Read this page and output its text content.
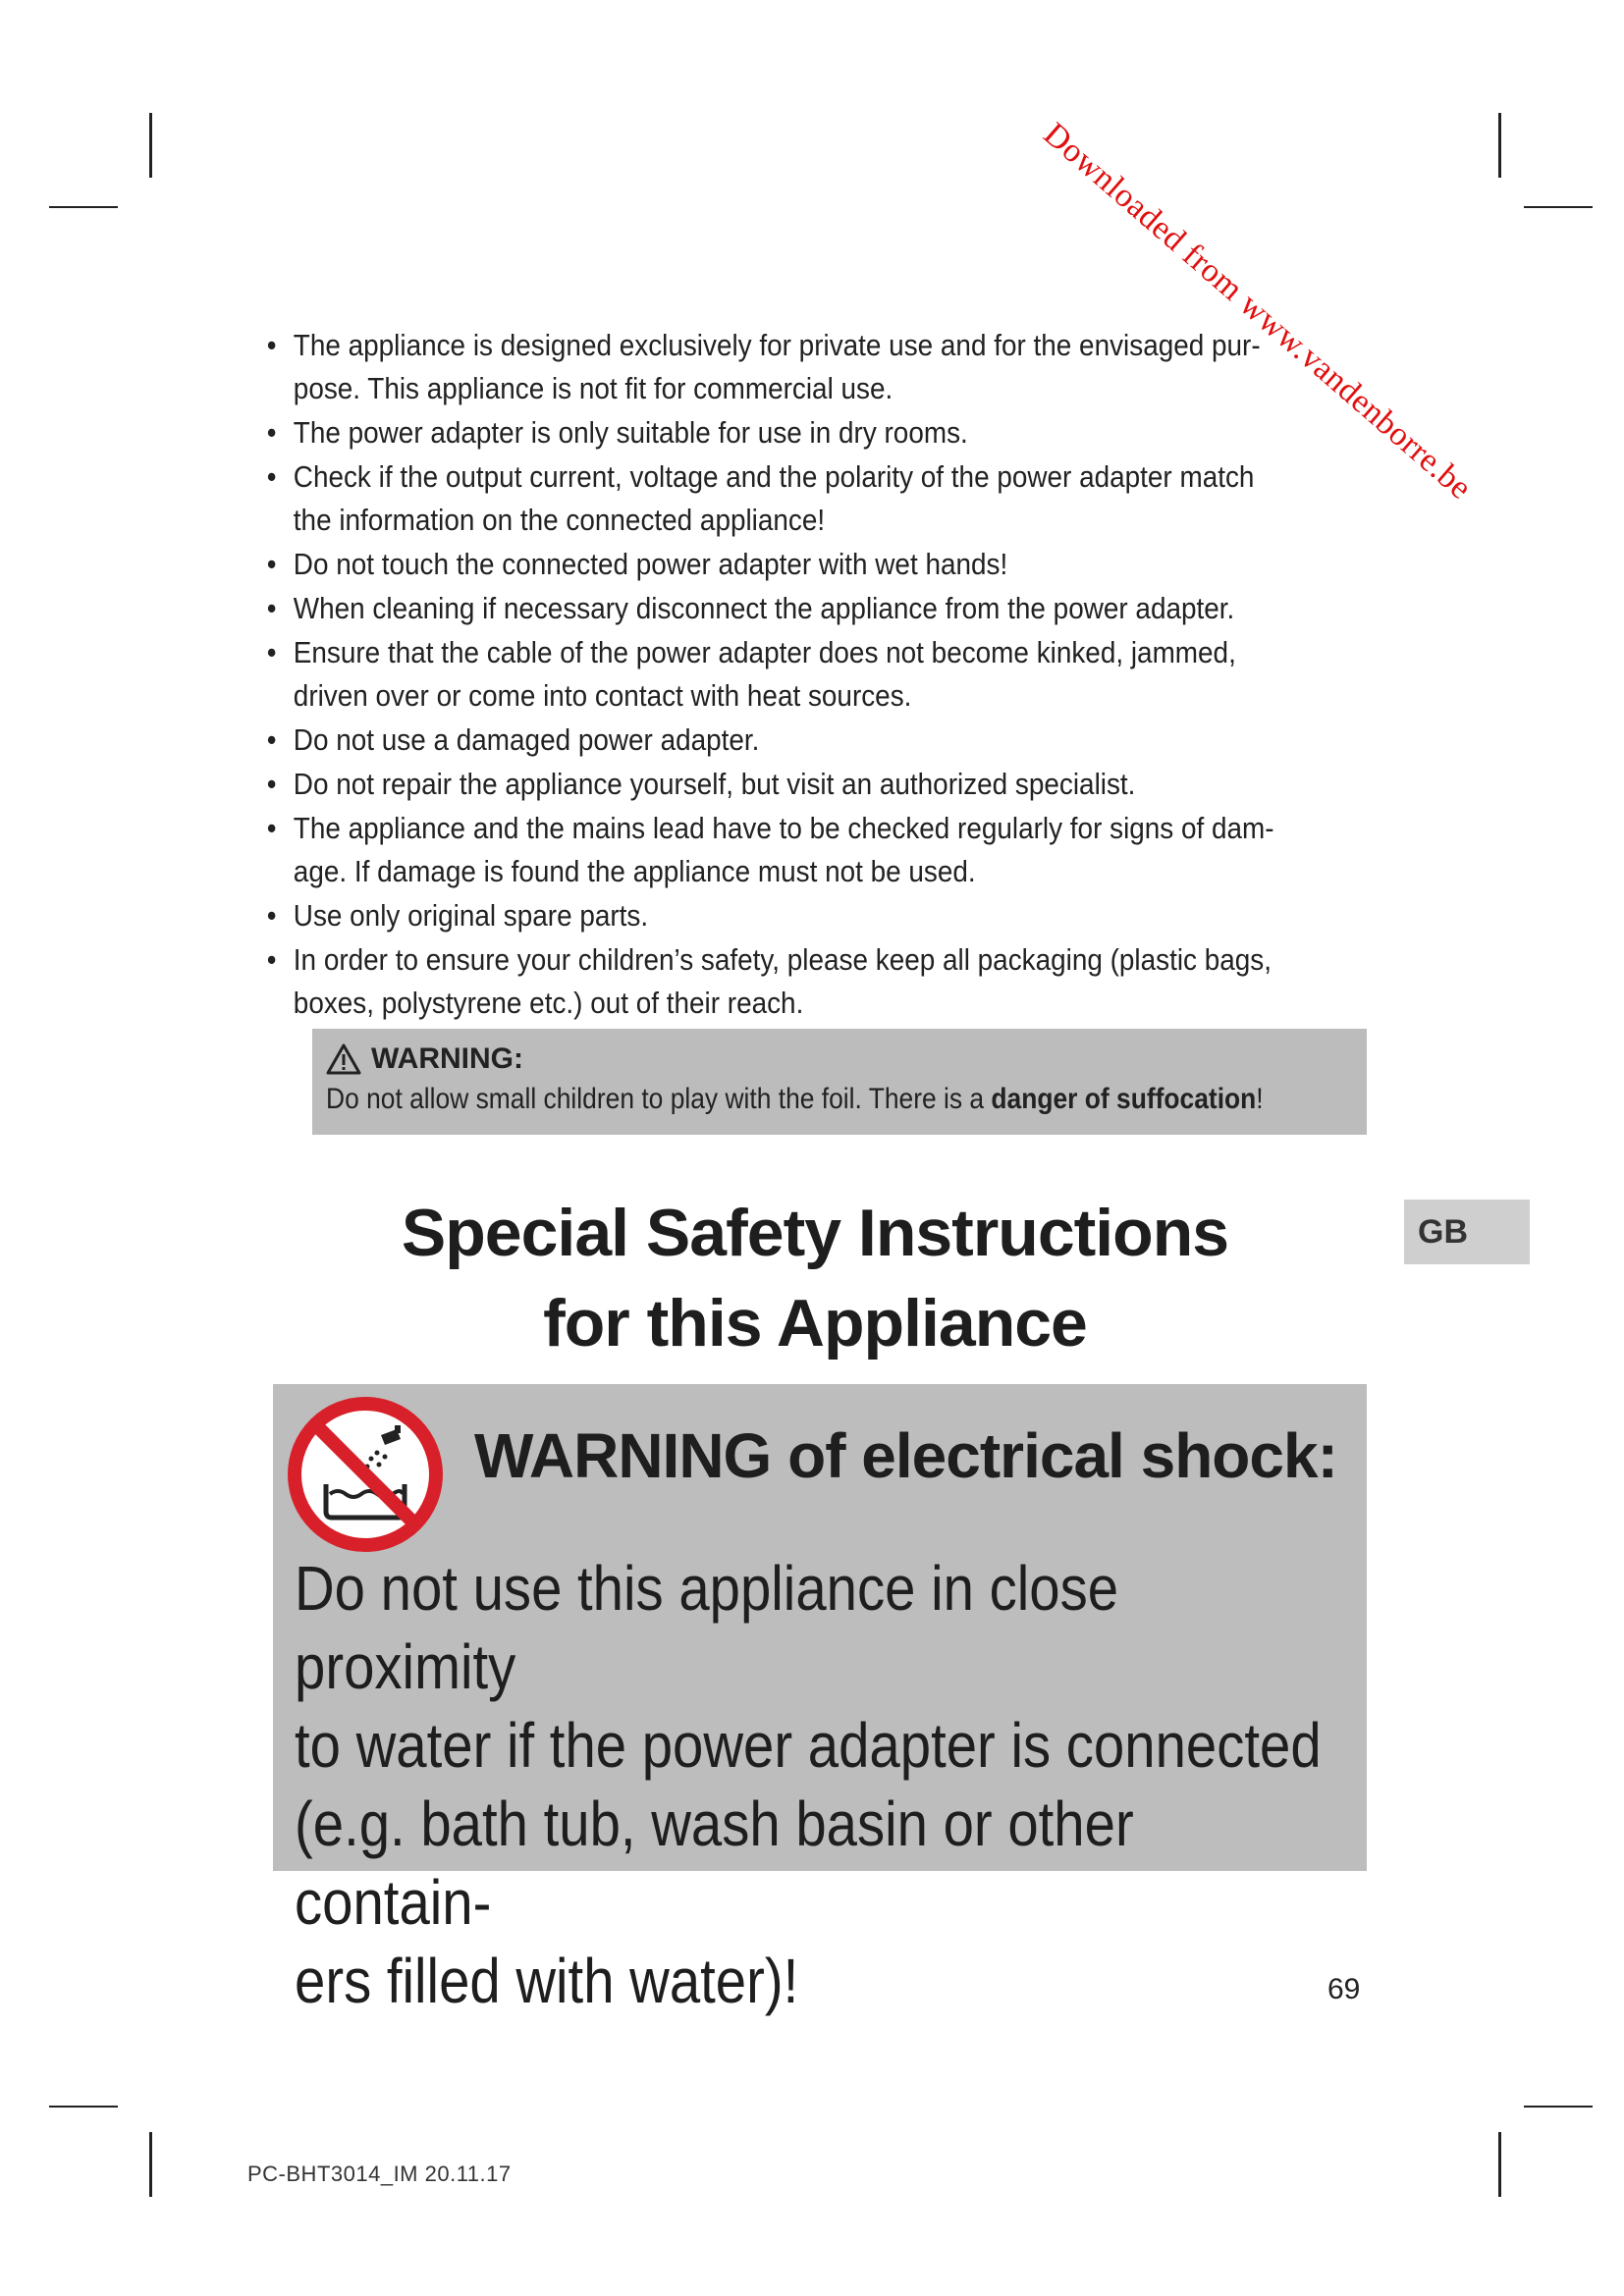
Downloaded from www.vandenborre.be
• The appliance is designed exclusively for private use and for the envisaged pur-
pose. This appliance is not fit for commercial use.
• The power adapter is only suitable for use in dry rooms.
• Check if the output current, voltage and the polarity of the power adapter match
the information on the connected appliance!
• Do not touch the connected power adapter with wet hands!
• When cleaning if necessary disconnect the appliance from the power adapter.
• Ensure that the cable of the power adapter does not become kinked, jammed,
driven over or come into contact with heat sources.
• Do not use a damaged power adapter.
• Do not repair the appliance yourself, but visit an authorized specialist.
• The appliance and the mains lead have to be checked regularly for signs of dam-
age. If damage is found the appliance must not be used.
• Use only original spare parts.
• In order to ensure your children’s safety, please keep all packaging (plastic bags,
boxes, polystyrene etc.) out of their reach.
WARNING:
Do not allow small children to play with the foil. There is a danger of suffocation!
Special Safety Instructions
for this Appliance
GB
WARNING of electrical shock:
Do not use this appliance in close proximity
to water if the power adapter is connected
(e.g. bath tub, wash basin or other contain-
ers filled with water)!	69
PC-BHT3014_IM 20.11.17
